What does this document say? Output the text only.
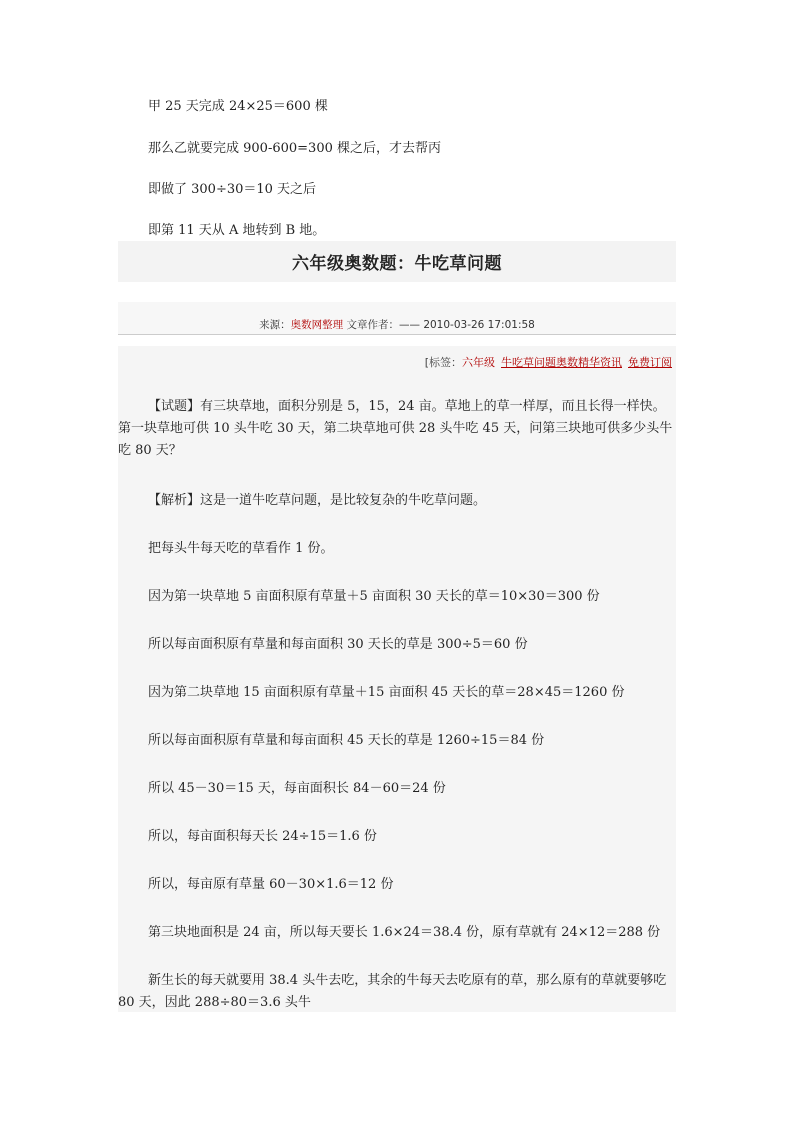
甲 25 天完成 24×25＝600 棵
那么乙就要完成 900-600=300 棵之后，才去帮丙
即做了 300÷30＝10 天之后
即第 11 天从 A 地转到 B 地。
六年级奥数题：牛吃草问题
来源：奥数网整理 文章作者：—— 2010-03-26 17:01:58
[标签：六年级 牛吃草问题奥数精华资讯 免费订阅

【试题】有三块草地，面积分别是 5，15，24 亩。草地上的草一样厚，而且长得一样快。第一块草地可供 10 头牛吃 30 天，第二块草地可供 28 头牛吃 45 天，问第三块地可供多少头牛吃 80 天？

【解析】这是一道牛吃草问题，是比较复杂的牛吃草问题。

把每头牛每天吃的草看作 1 份。

因为第一块草地 5 亩面积原有草量＋5 亩面积 30 天长的草＝10×30＝300 份

所以每亩面积原有草量和每亩面积 30 天长的草是 300÷5＝60 份

因为第二块草地 15 亩面积原有草量＋15 亩面积 45 天长的草＝28×45＝1260 份

所以每亩面积原有草量和每亩面积 45 天长的草是 1260÷15＝84 份

所以 45－30＝15 天，每亩面积长 84－60＝24 份

所以，每亩面积每天长 24÷15＝1.6 份

所以，每亩原有草量 60－30×1.6＝12 份

第三块地面积是 24 亩，所以每天要长 1.6×24＝38.4 份，原有草就有 24×12＝288 份

新生长的每天就要用 38.4 头牛去吃，其余的牛每天去吃原有的草，那么原有的草就要够吃 80 天，因此 288÷80＝3.6 头牛
